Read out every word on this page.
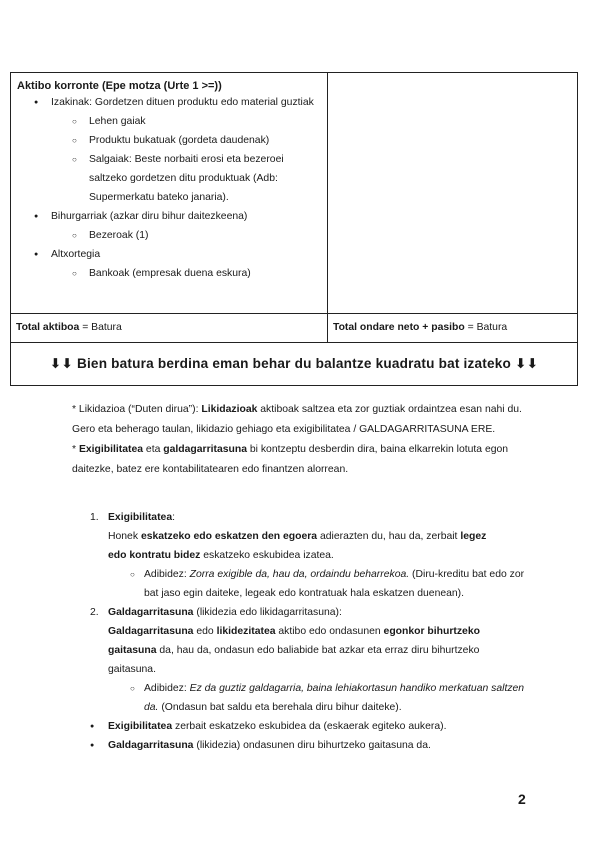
Aktibo korronte (Epe motza (Urte 1 >=))
● Izakinak: Gordetzen dituen produktu edo material guztiak
○ Lehen gaiak
○ Produktu bukatuak (gordeta daudenak)
○ Salgaiak: Beste norbaiti erosi eta bezeroei saltzeko gordetzen ditu produktuak (Adb: Supermerkatu bateko janaria).
● Bihurgarriak (azkar diru bihur daitezkeena)
○ Bezeroak (1)
● Altxortegia
○ Bankoak (empresak duena eskura)
Total aktiboa = Batura	Total ondare neto + pasibo = Batura
⬇⬇ Bien batura berdina eman behar du balantze kuadratu bat izateko ⬇⬇

* Likidazioa (“Duten dirua”): Likidazioak aktiboak saltzea eta zor guztiak ordaintzea esan nahi du. Gero eta beherago taulan, likidazio gehiago eta exigibilitatea / GALDAGARRITASUNA ERE.

* Exigibilitatea eta galdagarritasuna bi kontzeptu desberdin dira, baina elkarrekin lotuta egon daitezke, batez ere kontabilitatearen edo finantzen alorrean.

1. Exigibilitatea:
Honek eskatzeko edo eskatzen den egoera adierazten du, hau da, zerbait legez
edo kontratu bidez eskatzeko eskubidea izatea.
○ Adibidez: Zorra exigible da, hau da, ordaindu beharrekoa. (Diru-kreditu bat edo zor bat jaso egin daiteke, legeak edo kontratuak hala eskatzen duenean).
2. Galdagarritasuna (likidezia edo likidagarritasuna):
Galdagarritasuna edo likidezitatea aktibo edo ondasunen egonkor bihurtzeko gaitasuna da, hau da, ondasun edo baliabide bat azkar eta erraz diru bihurtzeko gaitasuna.
○ Adibidez: Ez da guztiz galdagarria, baina lehiakortasun handiko merkatuan saltzen da. (Ondasun bat saldu eta berehala diru bihur daiteke).
● Exigibilitatea zerbait eskatzeko eskubidea da (eskaerak egiteko aukera).
● Galdagarritasuna (likidezia) ondasunen diru bihurtzeko gaitasuna da.
2
